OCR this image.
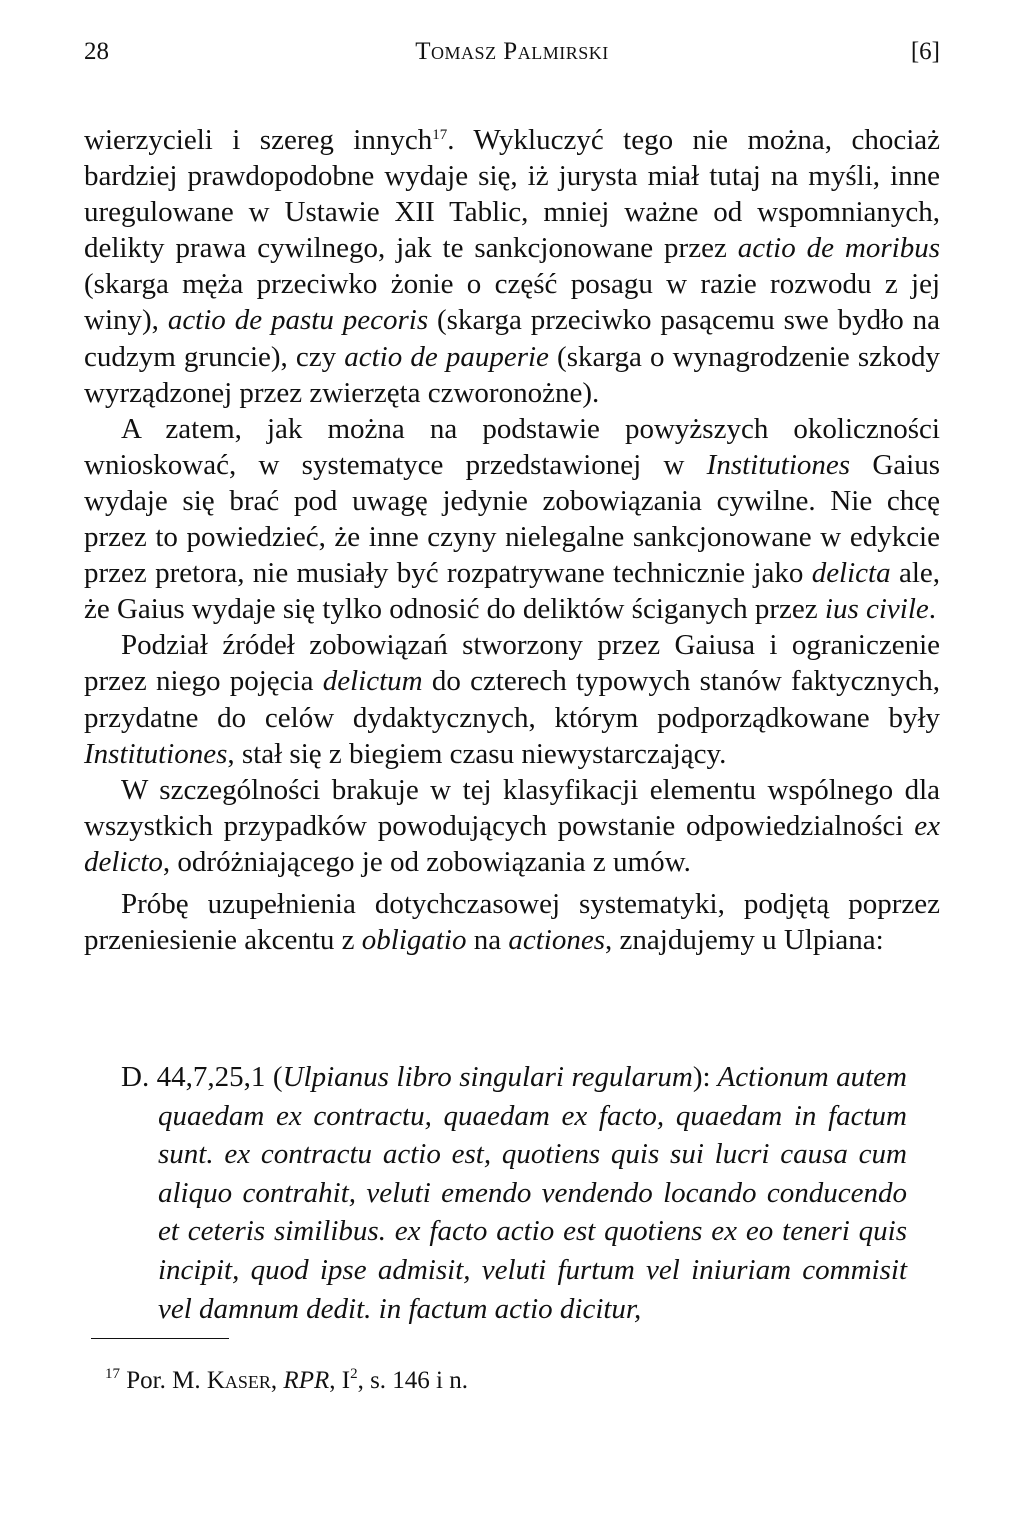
28	Tomasz Palmirski	[6]

wierzycieli i szereg innych$^{17}$. Wykluczyć tego nie można, chociaż bardziej prawdopodobne wydaje się, iż jurysta miał tutaj na myśli, inne uregulowane w Ustawie XII Tablic, mniej ważne od wspomnianych, delikty prawa cywilnego, jak te sankcjonowane przez actio de moribus (skarga męża przeciwko żonie o część posagu w razie rozwodu z jej winy), actio de pastu pecoris (skarga przeciwko pasącemu swe bydło na cudzym gruncie), czy actio de pauperie (skarga o wynagrodzenie szkody wyrządzonej przez zwierzęta czworonożne).

A zatem, jak można na podstawie powyższych okoliczności wnioskować, w systematyce przedstawionej w Institutiones Gaius wydaje się brać pod uwagę jedynie zobowiązania cywilne. Nie chcę przez to powiedzieć, że inne czyny nielegalne sankcjonowane w edykcie przez pretora, nie musiały być rozpatrywane technicznie jako delicta ale, że Gaius wydaje się tylko odnosić do deliktów ściganych przez ius civile.

Podział źródeł zobowiązań stworzony przez Gaiusa i ograniczenie przez niego pojęcia delictum do czterech typowych stanów faktycznych, przydatne do celów dydaktycznych, którym podporządkowane były Institutiones, stał się z biegiem czasu niewystarczający.

W szczególności brakuje w tej klasyfikacji elementu wspólnego dla wszystkich przypadków powodujących powstanie odpowiedzialności ex delicto, odróżniającego je od zobowiązania z umów.

Próbę uzupełnienia dotychczasowej systematyki, podjętą poprzez przeniesienie akcentu z obligatio na actiones, znajdujemy u Ulpiana:

D. 44,7,25,1 (Ulpianus libro singulari regularum): Actionum autem quaedam ex contractu, quaedam ex facto, quaedam in factum sunt. ex contractu actio est, quotiens quis sui lucri causa cum aliquo contrahit, veluti emendo vendendo locando conducendo et ceteris similibus. ex facto actio est quotiens ex eo teneri quis incipit, quod ipse admisit, veluti furtum vel iniuriam commisit vel damnum dedit. in factum actio dicitur,

$^{17}$ Por. M. Kaser, RPR, $I^2$, s. 146 i n.
